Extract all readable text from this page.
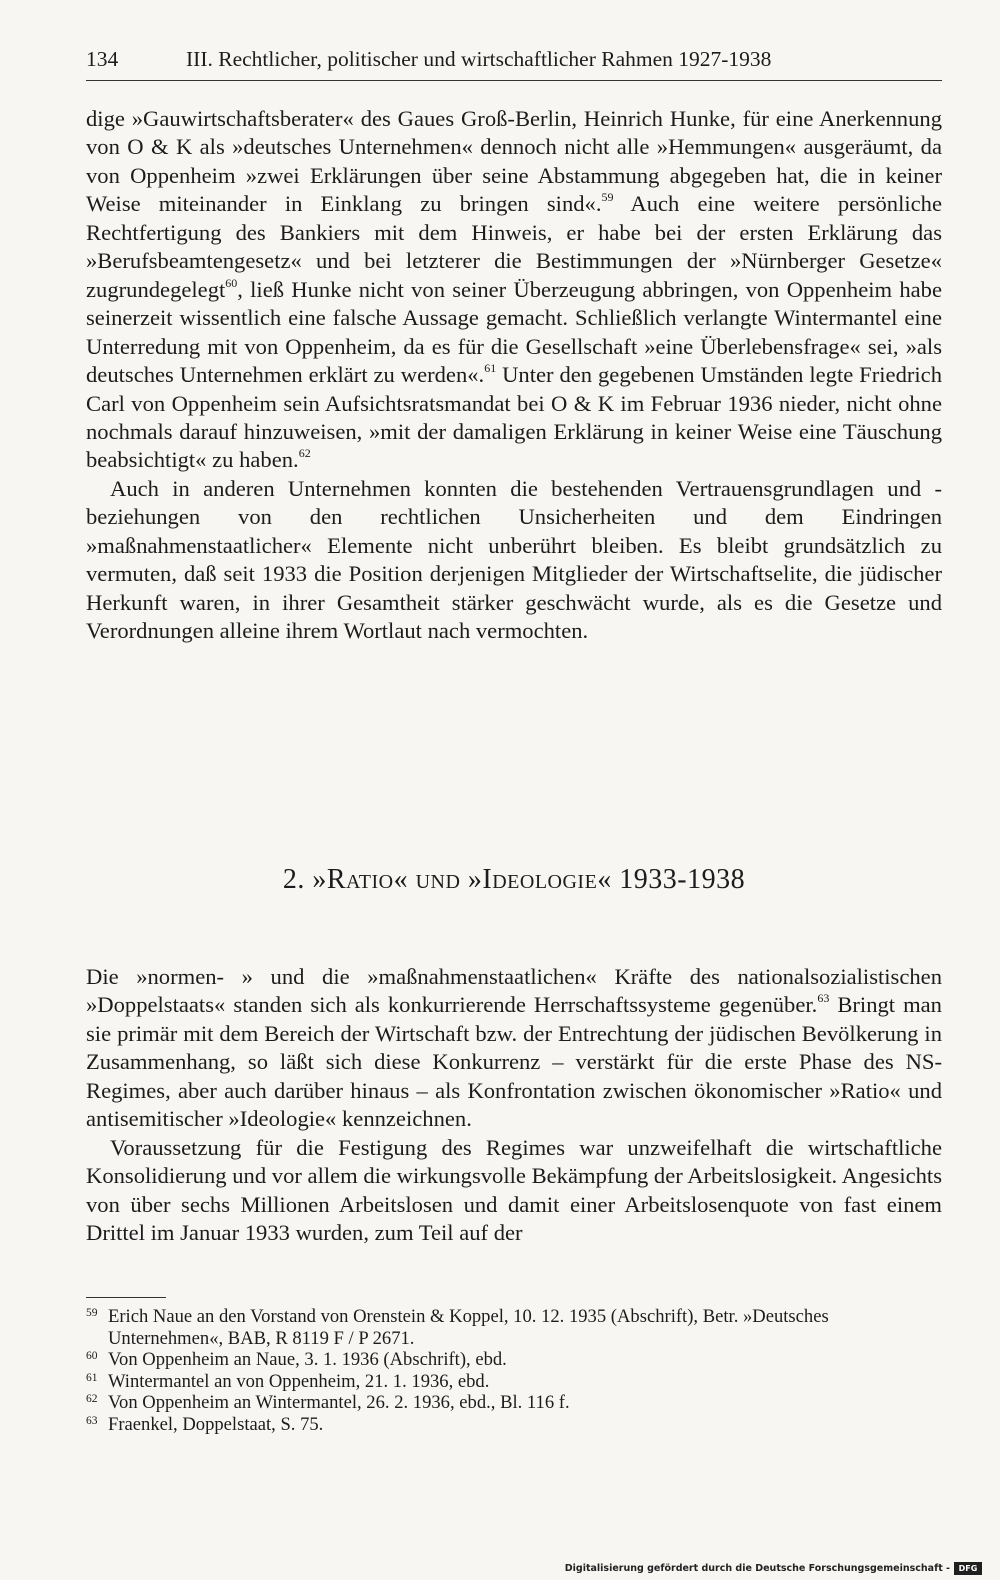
134	III. Rechtlicher, politischer und wirtschaftlicher Rahmen 1927-1938

dige »Gauwirtschaftsberater« des Gaues Groß-Berlin, Heinrich Hunke, für eine Anerkennung von O & K als »deutsches Unternehmen« dennoch nicht alle »Hemmungen« ausgeräumt, da von Oppenheim »zwei Erklärungen über seine Abstammung abgegeben hat, die in keiner Weise miteinander in Einklang zu bringen sind«.$^{59}$ Auch eine weitere persönliche Rechtfertigung des Bankiers mit dem Hinweis, er habe bei der ersten Erklärung das »Berufsbeamtengesetz« und bei letzterer die Bestimmungen der »Nürnberger Gesetze« zugrundegelegt$^{60}$, ließ Hunke nicht von seiner Überzeugung abbringen, von Oppenheim habe seinerzeit wissentlich eine falsche Aussage gemacht. Schließlich verlangte Wintermantel eine Unterredung mit von Oppenheim, da es für die Gesellschaft »eine Überlebensfrage« sei, »als deutsches Unternehmen erklärt zu werden«.$^{61}$ Unter den gegebenen Umständen legte Friedrich Carl von Oppenheim sein Aufsichtsratsmandat bei O & K im Februar 1936 nieder, nicht ohne nochmals darauf hinzuweisen, »mit der damaligen Erklärung in keiner Weise eine Täuschung beabsichtigt« zu haben.$^{62}$

Auch in anderen Unternehmen konnten die bestehenden Vertrauensgrundlagen und -beziehungen von den rechtlichen Unsicherheiten und dem Eindringen »maßnahmenstaatlicher« Elemente nicht unberührt bleiben. Es bleibt grundsätzlich zu vermuten, daß seit 1933 die Position derjenigen Mitglieder der Wirtschaftselite, die jüdischer Herkunft waren, in ihrer Gesamtheit stärker geschwächt wurde, als es die Gesetze und Verordnungen alleine ihrem Wortlaut nach vermochten.

2. »Ratio« und »Ideologie« 1933-1938

Die »normen- » und die »maßnahmenstaatlichen« Kräfte des nationalsozialistischen »Doppelstaats« standen sich als konkurrierende Herrschaftssysteme gegenüber.$^{63}$ Bringt man sie primär mit dem Bereich der Wirtschaft bzw. der Entrechtung der jüdischen Bevölkerung in Zusammenhang, so läßt sich diese Konkurrenz – verstärkt für die erste Phase des NS-Regimes, aber auch darüber hinaus – als Konfrontation zwischen ökonomischer »Ratio« und antisemitischer »Ideologie« kennzeichnen.

Voraussetzung für die Festigung des Regimes war unzweifelhaft die wirtschaftliche Konsolidierung und vor allem die wirkungsvolle Bekämpfung der Arbeitslosigkeit. Angesichts von über sechs Millionen Arbeitslosen und damit einer Arbeitslosenquote von fast einem Drittel im Januar 1933 wurden, zum Teil auf der

59 Erich Naue an den Vorstand von Orenstein & Koppel, 10. 12. 1935 (Abschrift), Betr. »Deutsches Unternehmen«, BAB, R 8119 F / P 2671.
60 Von Oppenheim an Naue, 3. 1. 1936 (Abschrift), ebd.
61 Wintermantel an von Oppenheim, 21. 1. 1936, ebd.
62 Von Oppenheim an Wintermantel, 26. 2. 1936, ebd., Bl. 116 f.
63 Fraenkel, Doppelstaat, S. 75.
Digitalisierung gefördert durch die Deutsche Forschungsgemeinschaft -	DFG
